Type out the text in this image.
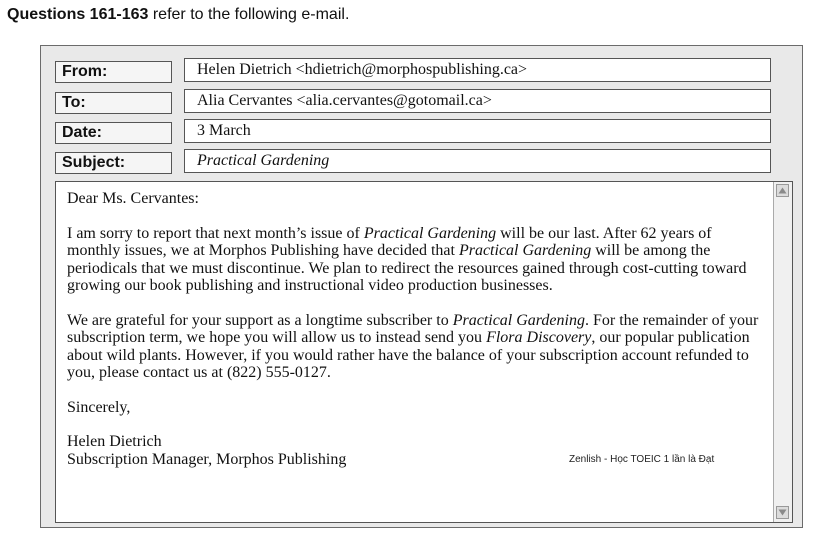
Questions 161-163 refer to the following e-mail.
From:	Helen Dietrich <hdietrich@morphospublishing.ca>
To:	Alia Cervantes <alia.cervantes@gotomail.ca>
Date:	3 March
Subject:	Practical Gardening

Dear Ms. Cervantes:

I am sorry to report that next month’s issue of Practical Gardening will be our last. After 62 years of monthly issues, we at Morphos Publishing have decided that Practical Gardening will be among the periodicals that we must discontinue. We plan to redirect the resources gained through cost-cutting toward growing our book publishing and instructional video production businesses.

We are grateful for your support as a longtime subscriber to Practical Gardening. For the remainder of your subscription term, we hope you will allow us to instead send you Flora Discovery, our popular publication about wild plants. However, if you would rather have the balance of your subscription account refunded to you, please contact us at (822) 555-0127.

Sincerely,

Helen Dietrich

Subscription Manager, Morphos Publishing	Zenlish - Học TOEIC 1 lần là Đạt
